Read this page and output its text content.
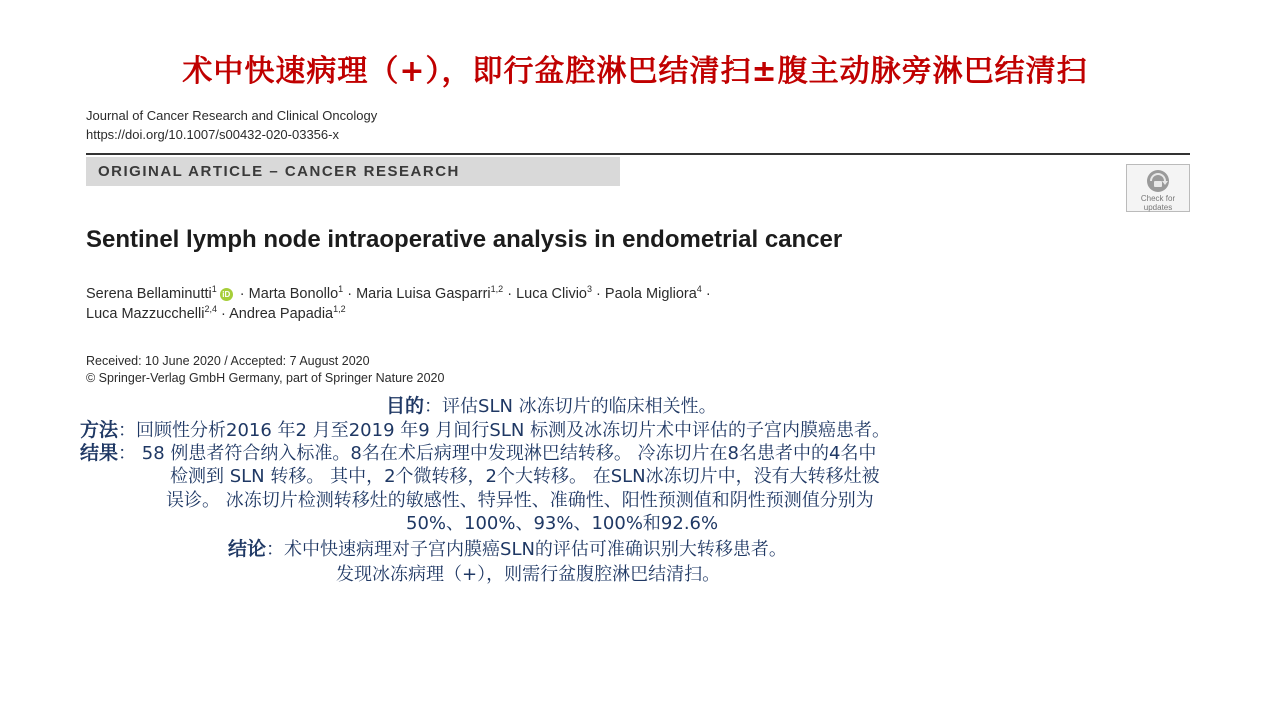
术中快速病理（+），即行盆腔淋巴结清扫±腹主动脉旁淋巴结清扫
Journal of Cancer Research and Clinical Oncology
https://doi.org/10.1007/s00432-020-03356-x
ORIGINAL ARTICLE – CANCER RESEARCH
Check for
updates
Sentinel lymph node intraoperative analysis in endometrial cancer
Serena Bellaminutti$^1$ iD · Marta Bonollo$^1$ · Maria Luisa Gasparri$^{1,2}$ · Luca Clivio$^3$ · Paola Migliora$^4$ ·
Luca Mazzucchelli$^{2,4}$ · Andrea Papadia$^{1,2}$
Received: 10 June 2020 / Accepted: 7 August 2020
© Springer-Verlag GmbH Germany, part of Springer Nature 2020
目的：评估SLN 冰冻切片的临床相关性。
方法：回顾性分析2016 年2 月至2019 年9 月间行SLN 标测及冰冻切片术中评估的子宫内膜癌患者。
结果： 58 例患者符合纳入标准。8名在术后病理中发现淋巴结转移。 冷冻切片在8名患者中的4名中
检测到 SLN 转移。 其中，2个微转移，2个大转移。 在SLN冰冻切片中，没有大转移灶被
误诊。 冰冻切片检测转移灶的敏感性、特异性、准确性、阳性预测值和阴性预测值分别为
50%、100%、93%、100%和92.6%
结论：术中快速病理对子宫内膜癌SLN的评估可准确识别大转移患者。
发现冰冻病理（+），则需行盆腹腔淋巴结清扫。
